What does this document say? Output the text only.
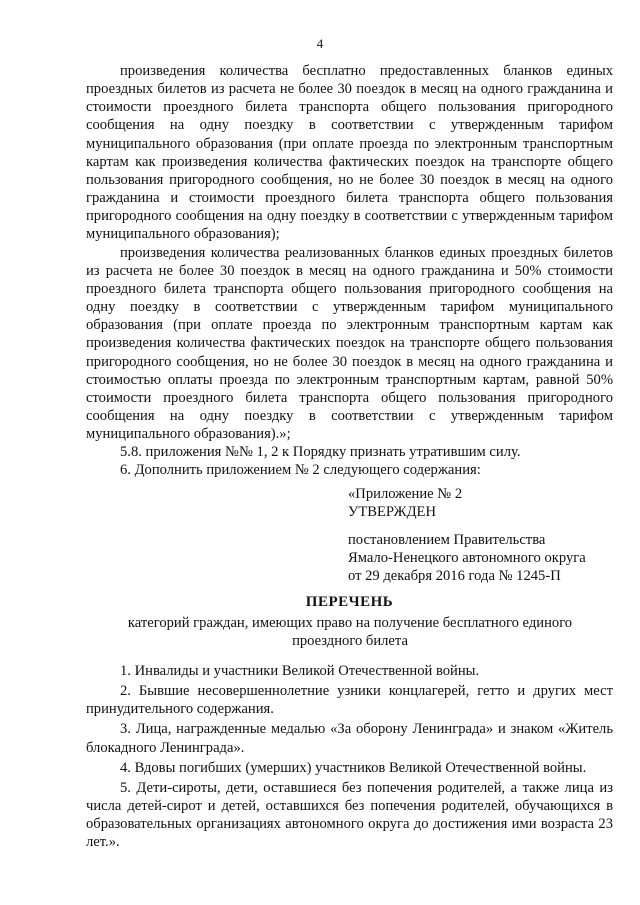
4

произведения количества бесплатно предоставленных бланков единых проездных билетов из расчета не более 30 поездок в месяц на одного гражданина и стоимости проездного билета транспорта общего пользования пригородного сообщения на одну поездку в соответствии с утвержденным тарифом муниципального образования (при оплате проезда по электронным транспортным картам как произведения количества фактических поездок на транспорте общего пользования пригородного сообщения, но не более 30 поездок в месяц на одного гражданина и стоимости проездного билета транспорта общего пользования пригородного сообщения на одну поездку в соответствии с утвержденным тарифом муниципального образования);

произведения количества реализованных бланков единых проездных билетов из расчета не более 30 поездок в месяц на одного гражданина и 50% стоимости проездного билета транспорта общего пользования пригородного сообщения на одну поездку в соответствии с утвержденным тарифом муниципального образования (при оплате проезда по электронным транспортным картам как произведения количества фактических поездок на транспорте общего пользования пригородного сообщения, но не более 30 поездок в месяц на одного гражданина и стоимостью оплаты проезда по электронным транспортным картам, равной 50% стоимости проездного билета транспорта общего пользования пригородного сообщения на одну поездку в соответствии с утвержденным тарифом муниципального образования).»;

5.8. приложения №№ 1, 2 к Порядку признать утратившим силу.

6. Дополнить приложением № 2 следующего содержания:

«Приложение № 2
УТВЕРЖДЕН
постановлением Правительства
Ямало-Ненецкого автономного округа
от 29 декабря 2016 года № 1245-П
ПЕРЕЧЕНЬ
категорий граждан, имеющих право на получение бесплатного единого проездного билета

1. Инвалиды и участники Великой Отечественной войны.

2. Бывшие несовершеннолетние узники концлагерей, гетто и других мест принудительного содержания.

3. Лица, награжденные медалью «За оборону Ленинграда» и знаком «Житель блокадного Ленинграда».

4. Вдовы погибших (умерших) участников Великой Отечественной войны.

5. Дети-сироты, дети, оставшиеся без попечения родителей, а также лица из числа детей-сирот и детей, оставшихся без попечения родителей, обучающихся в образовательных организациях автономного округа до достижения ими возраста 23 лет.».
